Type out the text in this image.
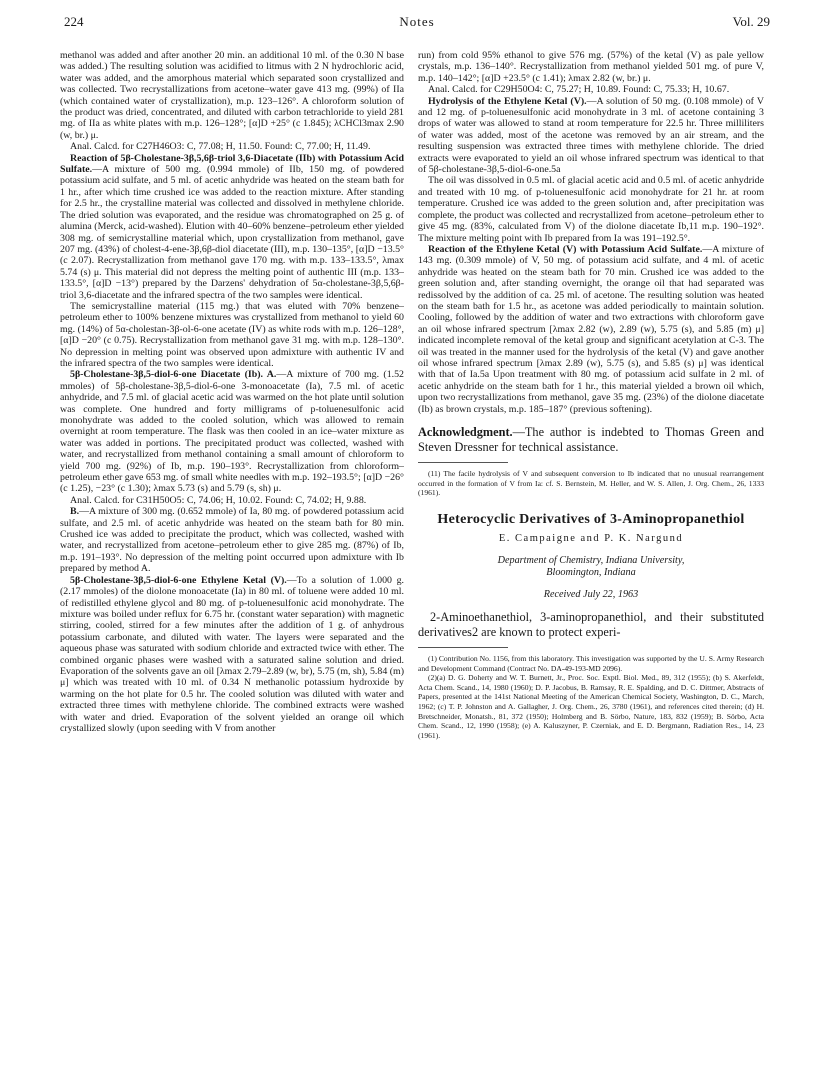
224	Notes	Vol. 29

methanol was added and after another 20 min. an additional 10 ml. of the 0.30 N base was added.) The resulting solution was acidified to litmus with 2 N hydrochloric acid, water was added, and the amorphous material which separated soon crystallized and was collected. Two recrystallizations from acetone–water gave 413 mg. (99%) of IIa (which contained water of crystallization), m.p. 123–126°. A chloroform solution of the product was dried, concentrated, and diluted with carbon tetrachloride to yield 281 mg. of IIa as white plates with m.p. 126–128°; [α]D +25° (c 1.845); λCHCl3max 2.90 (w, br.) μ.

Anal. Calcd. for C27H46O3: C, 77.08; H, 11.50. Found: C, 77.00; H, 11.49.

Reaction of 5β-Cholestane-3β,5,6β-triol 3,6-Diacetate (IIb) with Potassium Acid Sulfate.—A mixture of 500 mg. (0.994 mmole) of IIb, 150 mg. of powdered potassium acid sulfate, and 5 ml. of acetic anhydride was heated on the steam bath for 1 hr., after which time crushed ice was added to the reaction mixture. After standing for 2.5 hr., the crystalline material was collected and dissolved in methylene chloride. The dried solution was evaporated, and the residue was chromatographed on 25 g. of alumina (Merck, acid-washed). Elution with 40–60% benzene–petroleum ether yielded 308 mg. of semicrystalline material which, upon crystallization from methanol, gave 207 mg. (43%) of cholest-4-ene-3β,6β-diol diacetate (III), m.p. 130–135°, [α]D −13.5° (c 2.07). Recrystallization from methanol gave 170 mg. with m.p. 133–133.5°, λmax 5.74 (s) μ. This material did not depress the melting point of authentic III (m.p. 133–133.5°, [α]D −13°) prepared by the Darzens' dehydration of 5α-cholestane-3β,5,6β-triol 3,6-diacetate and the infrared spectra of the two samples were identical.

The semicrystalline material (115 mg.) that was eluted with 70% benzene–petroleum ether to 100% benzene mixtures was crystallized from methanol to yield 60 mg. (14%) of 5α-cholestan-3β-ol-6-one acetate (IV) as white rods with m.p. 126–128°, [α]D −20° (c 0.75). Recrystallization from methanol gave 31 mg. with m.p. 128–130°. No depression in melting point was observed upon admixture with authentic IV and the infrared spectra of the two samples were identical.

5β-Cholestane-3β,5-diol-6-one Diacetate (Ib). A.—A mixture of 700 mg. (1.52 mmoles) of 5β-cholestane-3β,5-diol-6-one 3-monoacetate (Ia), 7.5 ml. of acetic anhydride, and 7.5 ml. of glacial acetic acid was warmed on the hot plate until solution was complete. One hundred and forty milligrams of p-toluenesulfonic acid monohydrate was added to the cooled solution, which was allowed to remain overnight at room temperature. The flask was then cooled in an ice–water mixture as water was added in portions. The precipitated product was collected, washed with water, and recrystallized from methanol containing a small amount of chloroform to yield 700 mg. (92%) of Ib, m.p. 190–193°. Recrystallization from chloroform–petroleum ether gave 653 mg. of small white needles with m.p. 192–193.5°; [α]D −26° (c 1.25), −23° (c 1.30); λmax 5.73 (s) and 5.79 (s, sh) μ.

Anal. Calcd. for C31H50O5: C, 74.06; H, 10.02. Found: C, 74.02; H, 9.88.

B.—A mixture of 300 mg. (0.652 mmole) of Ia, 80 mg. of powdered potassium acid sulfate, and 2.5 ml. of acetic anhydride was heated on the steam bath for 80 min. Crushed ice was added to precipitate the product, which was collected, washed with water, and recrystallized from acetone–petroleum ether to give 285 mg. (87%) of Ib, m.p. 191–193°. No depression of the melting point occurred upon admixture with Ib prepared by method A.

5β-Cholestane-3β,5-diol-6-one Ethylene Ketal (V).—To a solution of 1.000 g. (2.17 mmoles) of the diolone monoacetate (Ia) in 80 ml. of toluene were added 10 ml. of redistilled ethylene glycol and 80 mg. of p-toluenesulfonic acid monohydrate. The mixture was boiled under reflux for 6.75 hr. (constant water separation) with magnetic stirring, cooled, stirred for a few minutes after the addition of 1 g. of anhydrous potassium carbonate, and diluted with water. The layers were separated and the aqueous phase was saturated with sodium chloride and extracted twice with ether. The combined organic phases were washed with a saturated saline solution and dried. Evaporation of the solvents gave an oil [λmax 2.79–2.89 (w, br), 5.75 (m, sh), 5.84 (m) μ] which was treated with 10 ml. of 0.34 N methanolic potassium hydroxide by warming on the hot plate for 0.5 hr. The cooled solution was diluted with water and extracted three times with methylene chloride. The combined extracts were washed with water and dried. Evaporation of the solvent yielded an orange oil which crystallized slowly (upon seeding with V from another

run) from cold 95% ethanol to give 576 mg. (57%) of the ketal (V) as pale yellow crystals, m.p. 136–140°. Recrystallization from methanol yielded 501 mg. of pure V, m.p. 140–142°; [α]D +23.5° (c 1.41); λmax 2.82 (w, br.) μ.

Anal. Calcd. for C29H50O4: C, 75.27; H, 10.89. Found: C, 75.33; H, 10.67.

Hydrolysis of the Ethylene Ketal (V).—A solution of 50 mg. (0.108 mmole) of V and 12 mg. of p-toluenesulfonic acid monohydrate in 3 ml. of acetone containing 3 drops of water was allowed to stand at room temperature for 22.5 hr. Three milliliters of water was added, most of the acetone was removed by an air stream, and the resulting suspension was extracted three times with methylene chloride. The dried extracts were evaporated to yield an oil whose infrared spectrum was identical to that of 5β-cholestane-3β,5-diol-6-one.5a

The oil was dissolved in 0.5 ml. of glacial acetic acid and 0.5 ml. of acetic anhydride and treated with 10 mg. of p-toluenesulfonic acid monohydrate for 21 hr. at room temperature. Crushed ice was added to the green solution and, after precipitation was complete, the product was collected and recrystallized from acetone–petroleum ether to give 45 mg. (83%, calculated from V) of the diolone diacetate Ib,11 m.p. 190–192°. The mixture melting point with Ib prepared from Ia was 191–192.5°.

Reaction of the Ethylene Ketal (V) with Potassium Acid Sulfate.—A mixture of 143 mg. (0.309 mmole) of V, 50 mg. of potassium acid sulfate, and 4 ml. of acetic anhydride was heated on the steam bath for 70 min. Crushed ice was added to the green solution and, after standing overnight, the orange oil that had separated was redissolved by the addition of ca. 25 ml. of acetone. The resulting solution was heated on the steam bath for 1.5 hr., as acetone was added periodically to maintain solution. Cooling, followed by the addition of water and two extractions with chloroform gave an oil whose infrared spectrum [λmax 2.82 (w), 2.89 (w), 5.75 (s), and 5.85 (m) μ] indicated incomplete removal of the ketal group and significant acetylation at C-3. The oil was treated in the manner used for the hydrolysis of the ketal (V) and gave another oil whose infrared spectrum [λmax 2.89 (w), 5.75 (s), and 5.85 (s) μ] was identical with that of Ia.5a Upon treatment with 80 mg. of potassium acid sulfate in 2 ml. of acetic anhydride on the steam bath for 1 hr., this material yielded a brown oil which, upon two recrystallizations from methanol, gave 35 mg. (23%) of the diolone diacetate (Ib) as brown crystals, m.p. 185–187° (previous softening).

Acknowledgment.—The author is indebted to Thomas Green and Steven Dressner for technical assistance.

(11) The facile hydrolysis of V and subsequent conversion to Ib indicated that no unusual rearrangement occurred in the formation of V from Ia: cf. S. Bernstein, M. Heller, and W. S. Allen, J. Org. Chem., 26, 1333 (1961).

Heterocyclic Derivatives of 3-Aminopropanethiol
E. Campaigne and P. K. Nargund
Department of Chemistry, Indiana University,
Bloomington, Indiana
Received July 22, 1963

2-Aminoethanethiol, 3-aminopropanethiol, and their substituted derivatives2 are known to protect experi-

(1) Contribution No. 1156, from this laboratory. This investigation was supported by the U. S. Army Research and Development Command (Contract No. DA-49-193-MD 2096).

(2)(a) D. G. Doherty and W. T. Burnett, Jr., Proc. Soc. Exptl. Biol. Med., 89, 312 (1955); (b) S. Akerfeldt, Acta Chem. Scand., 14, 1980 (1960); D. P. Jacobus, B. Ramsay, R. E. Spalding, and D. C. Dittmer, Abstracts of Papers, presented at the 141st National Meeting of the American Chemical Society, Washington, D. C., March, 1962; (c) T. P. Johnston and A. Gallagher, J. Org. Chem., 26, 3780 (1961), and references cited therein; (d) H. Bretschneider, Monatsh., 81, 372 (1950); Holmberg and B. Sörbo, Nature, 183, 832 (1959); B. Sörbo, Acta Chem. Scand., 12, 1990 (1958); (e) A. Kaluszyner, P. Czerniak, and E. D. Bergmann, Radiation Res., 14, 23 (1961).
